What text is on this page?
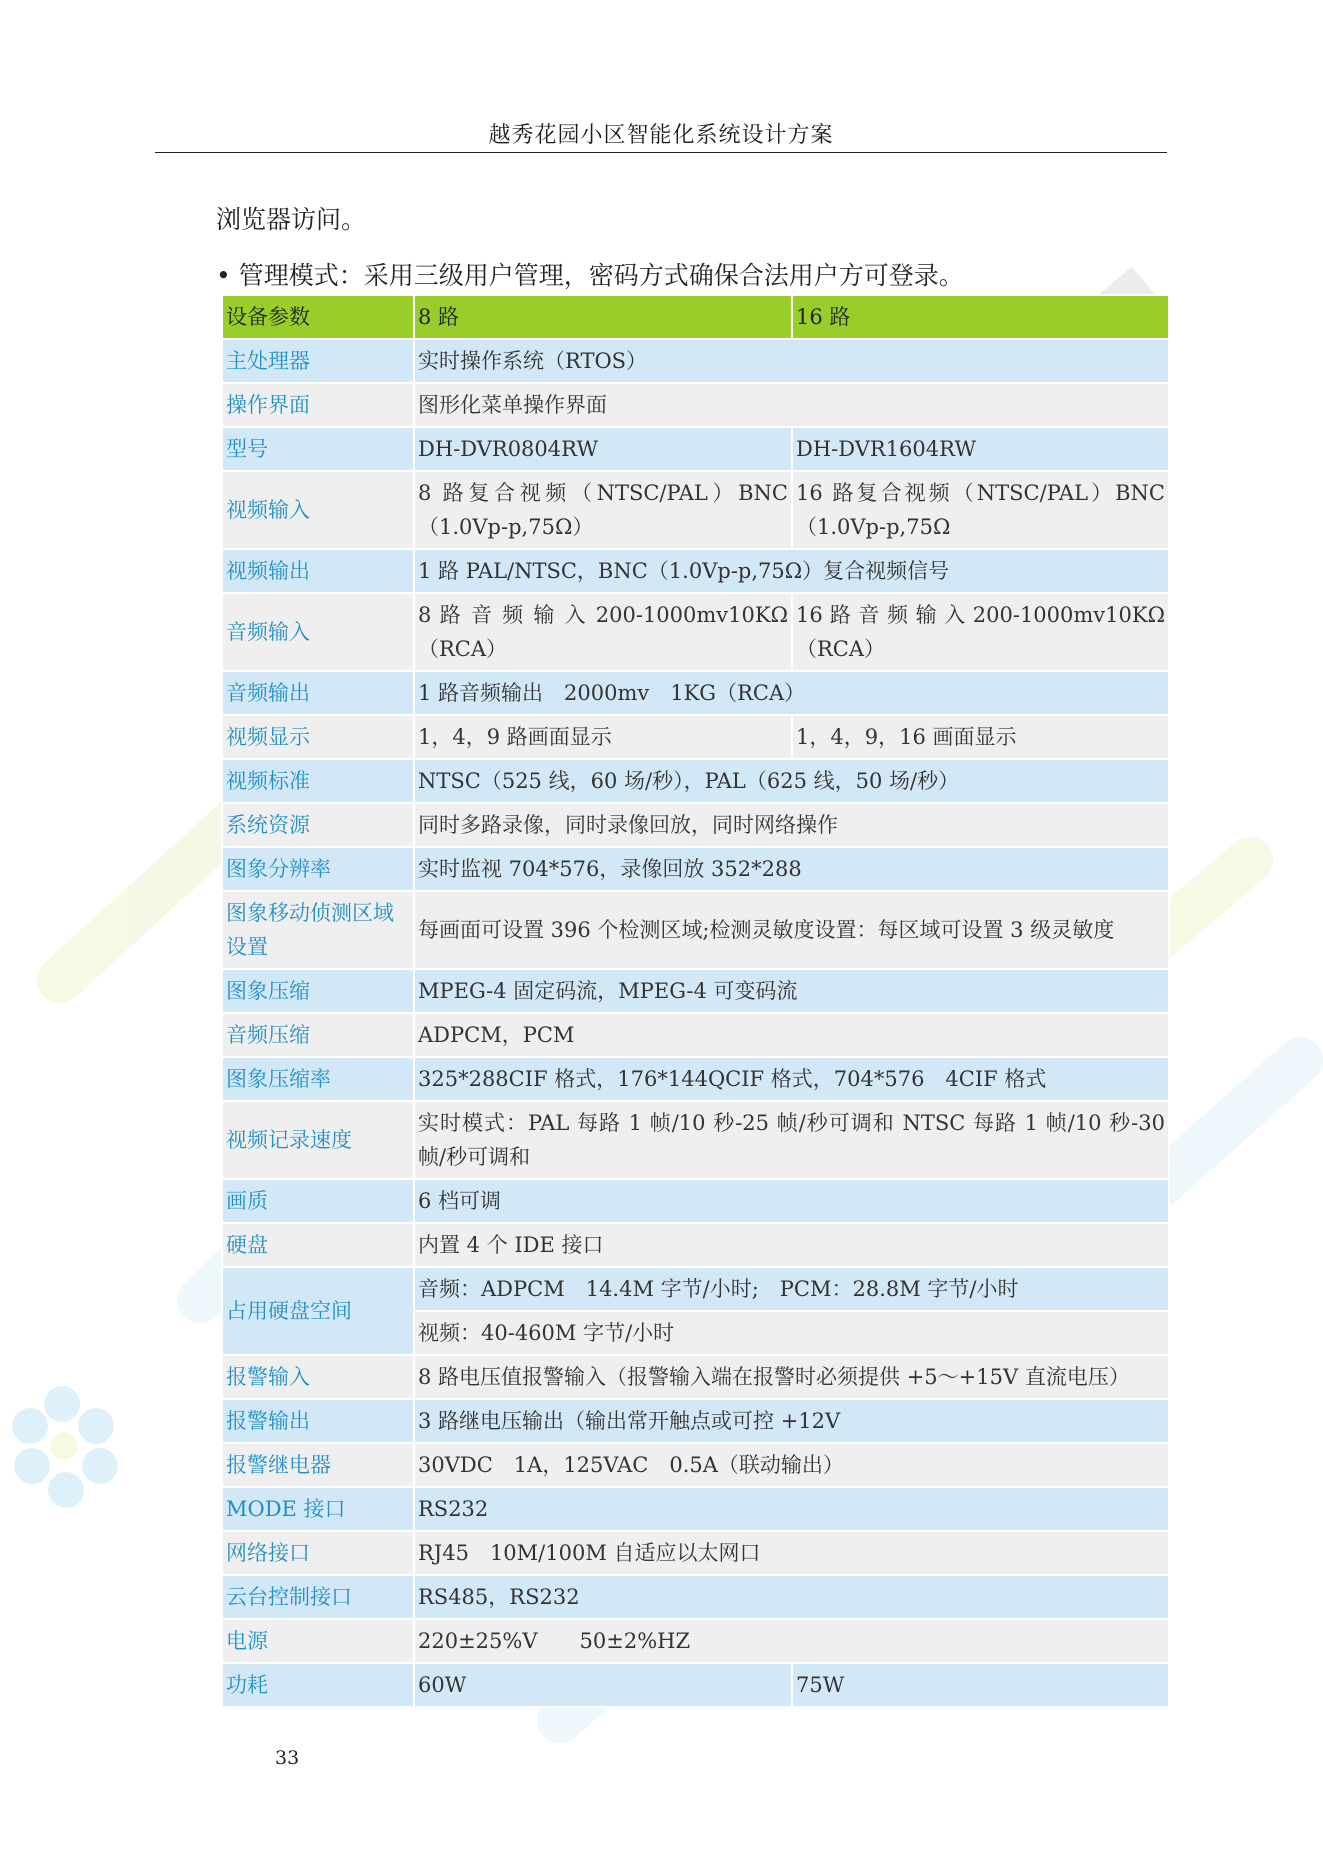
越秀花园小区智能化系统设计方案
浏览器访问。
• 管理模式：采用三级用户管理，密码方式确保合法用户方可登录。
设备参数	8 路	16 路
主处理器	实时操作系统（RTOS）	
操作界面	图形化菜单操作界面	
型号	DH-DVR0804RW	DH-DVR1604RW
视频输入	8 路复合视频（NTSC/PAL）BNC （1.0Vp-p,75Ω）	16 路复合视频（NTSC/PAL）BNC （1.0Vp-p,75Ω
视频输出	1 路 PAL/NTSC，BNC（1.0Vp-p,75Ω）复合视频信号	
音频输入	8 路 音 频 输 入 200-1000mv10KΩ （RCA）	16 路 音 频 输 入 200-1000mv10KΩ （RCA）
音频输出	1 路音频输出　2000mv　1KG（RCA）	
视频显示	1，4，9 路画面显示	1，4，9，16 画面显示
视频标准	NTSC（525 线，60 场/秒），PAL（625 线，50 场/秒）	
系统资源	同时多路录像，同时录像回放，同时网络操作	
图象分辨率	实时监视 704*576，录像回放 352*288	
图象移动侦测区域设置	每画面可设置 396 个检测区域;检测灵敏度设置：每区域可设置 3 级灵敏度	
图象压缩	MPEG-4 固定码流，MPEG-4 可变码流	
音频压缩	ADPCM，PCM	
图象压缩率	325*288CIF 格式，176*144QCIF 格式，704*576　4CIF 格式	
视频记录速度	实时模式：PAL 每路 1 帧/10 秒-25 帧/秒可调和 NTSC 每路 1 帧/10 秒-30 帧/秒可调和	
画质	6 档可调	
硬盘	内置 4 个 IDE 接口	
占用硬盘空间	音频：ADPCM　14.4M 字节/小时;　PCM：28.8M 字节/小时	
	视频：40-460M 字节/小时	
报警输入	8 路电压值报警输入（报警输入端在报警时必须提供 +5～+15V 直流电压）	
报警输出	3 路继电压输出（输出常开触点或可控 +12V	
报警继电器	30VDC　1A，125VAC　0.5A（联动输出）	
MODE 接口	RS232	
网络接口	RJ45　10M/100M 自适应以太网口	
云台控制接口	RS485，RS232	
电源	220±25%V　　50±2%HZ	
功耗	60W	75W
33
